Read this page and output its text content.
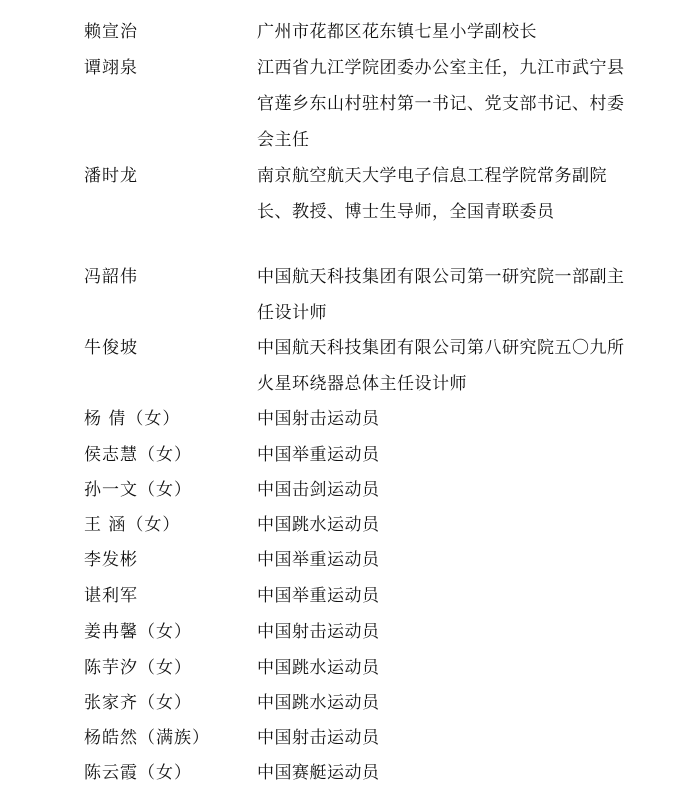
赖宣治	广州市花都区花东镇七星小学副校长
谭翊泉	江西省九江学院团委办公室主任，九江市武宁县官莲乡东山村驻村第一书记、党支部书记、村委会主任
潘时龙	南京航空航天大学电子信息工程学院常务副院长、教授、博士生导师，全国青联委员
冯韶伟	中国航天科技集团有限公司第一研究院一部副主任设计师
牛俊坡	中国航天科技集团有限公司第八研究院五〇九所火星环绕器总体主任设计师
杨 倩（女）	中国射击运动员
侯志慧（女）	中国举重运动员
孙一文（女）	中国击剑运动员
王 涵（女）	中国跳水运动员
李发彬	中国举重运动员
谌利军	中国举重运动员
姜冉馨（女）	中国射击运动员
陈芋汐（女）	中国跳水运动员
张家齐（女）	中国跳水运动员
杨皓然（满族）	中国射击运动员
陈云霞（女）	中国赛艇运动员
